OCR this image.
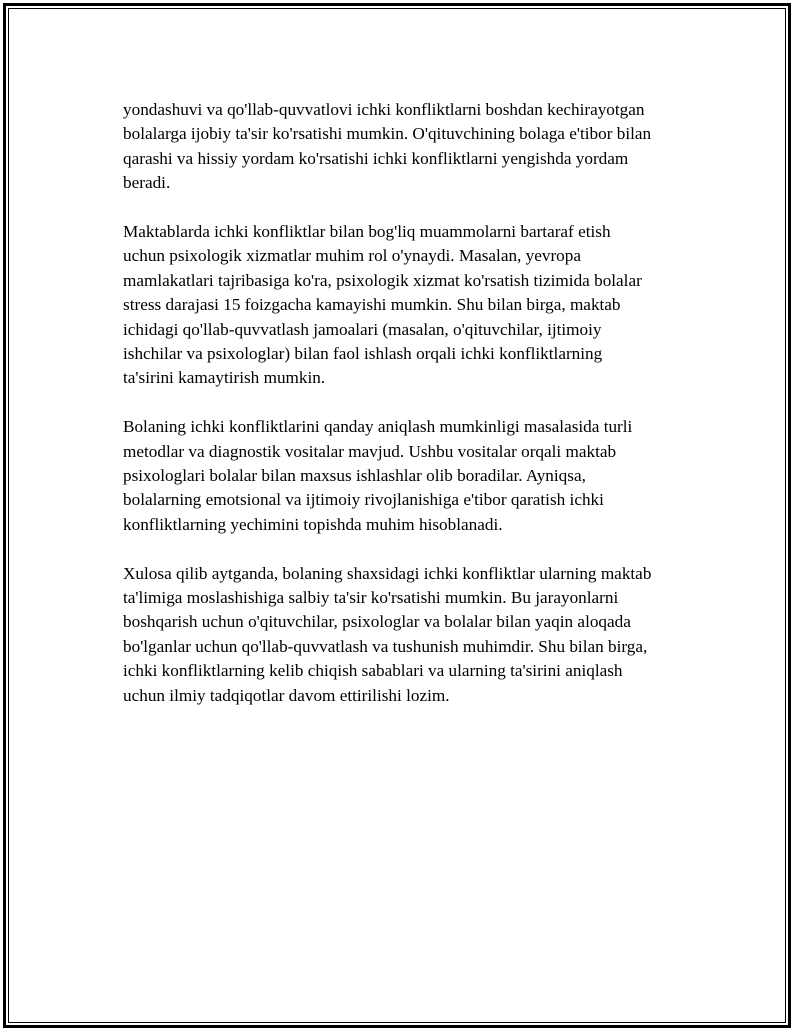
yondashuvi va qo'llab-quvvatlovi ichki konfliktlarni boshdan kechirayotgan
bolalarga ijobiy ta'sir ko'rsatishi mumkin. O'qituvchining bolaga e'tibor bilan
qarashi va hissiy yordam ko'rsatishi ichki konfliktlarni yengishda yordam
beradi.

Maktablarda ichki konfliktlar bilan bog'liq muammolarni bartaraf etish
uchun psixologik xizmatlar muhim rol o'ynaydi. Masalan, yevropa
mamlakatlari tajribasiga ko'ra, psixologik xizmat ko'rsatish tizimida bolalar
stress darajasi 15 foizgacha kamayishi mumkin. Shu bilan birga, maktab
ichidagi qo'llab-quvvatlash jamoalari (masalan, o'qituvchilar, ijtimoiy
ishchilar va psixologlar) bilan faol ishlash orqali ichki konfliktlarning
ta'sirini kamaytirish mumkin.

Bolaning ichki konfliktlarini qanday aniqlash mumkinligi masalasida turli
metodlar va diagnostik vositalar mavjud. Ushbu vositalar orqali maktab
psixologlari bolalar bilan maxsus ishlashlar olib boradilar. Ayniqsa,
bolalarning emotsional va ijtimoiy rivojlanishiga e'tibor qaratish ichki
konfliktlarning yechimini topishda muhim hisoblanadi.

Xulosa qilib aytganda, bolaning shaxsidagi ichki konfliktlar ularning maktab
ta'limiga moslashishiga salbiy ta'sir ko'rsatishi mumkin. Bu jarayonlarni
boshqarish uchun o'qituvchilar, psixologlar va bolalar bilan yaqin aloqada
bo'lganlar uchun qo'llab-quvvatlash va tushunish muhimdir. Shu bilan birga,
ichki konfliktlarning kelib chiqish sabablari va ularning ta'sirini aniqlash
uchun ilmiy tadqiqotlar davom ettirilishi lozim.
